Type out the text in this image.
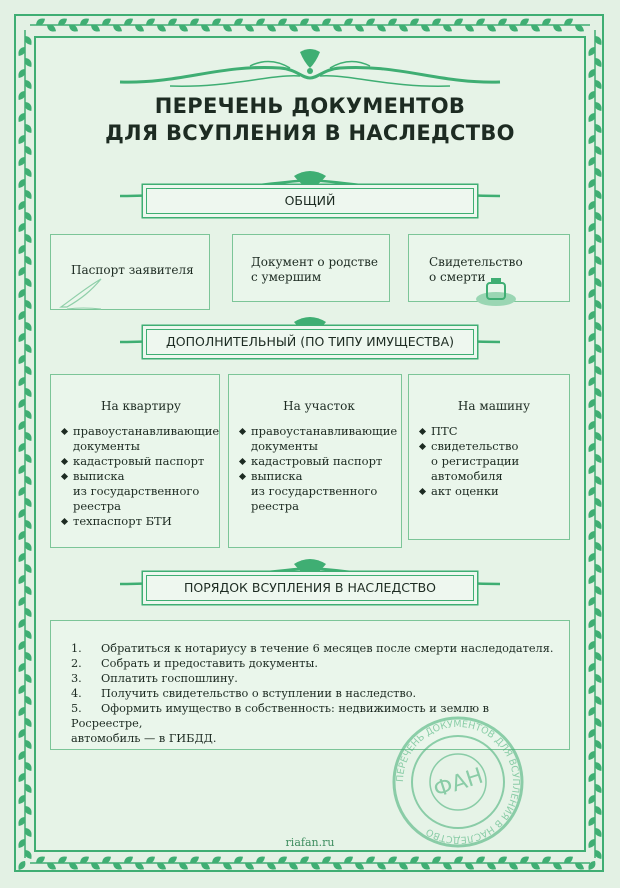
ПЕРЕЧЕНЬ ДОКУМЕНТОВ
ДЛЯ ВСУПЛЕНИЯ В НАСЛЕДСТВО
ОБЩИЙ
Паспорт заявителя
Документ о родстве
с умершим
Свидетельство
о смерти
ДОПОЛНИТЕЛЬНЫЙ (ПО ТИПУ ИМУЩЕСТВА)
На квартиру
правоустанавливающие
документы
кадастровый паспорт
выписка
из государственного
реестра
техпаспорт БТИ
На участок
правоустанавливающие
документы
кадастровый паспорт
выписка
из государственного
реестра
На машину
ПТС
свидетельство
о регистрации
автомобиля
акт оценки
ПОРЯДОК ВСУПЛЕНИЯ В НАСЛЕДСТВО
1. Обратиться к нотариусу в течение 6 месяцев после смерти наследодателя.
2. Собрать и предоставить документы.
3. Оплатить госпошлину.
4. Получить свидетельство о вступлении в наследство.
5. Оформить имущество в собственность: недвижимость и землю в Росреестре,
автомобиль — в ГИБДД.
ПЕРЕЧЕНЬ ДОКУМЕНТОВ ДЛЯ ВСУПЛЕНИЯ В НАСЛЕДСТВО
ФАН
riafan.ru
